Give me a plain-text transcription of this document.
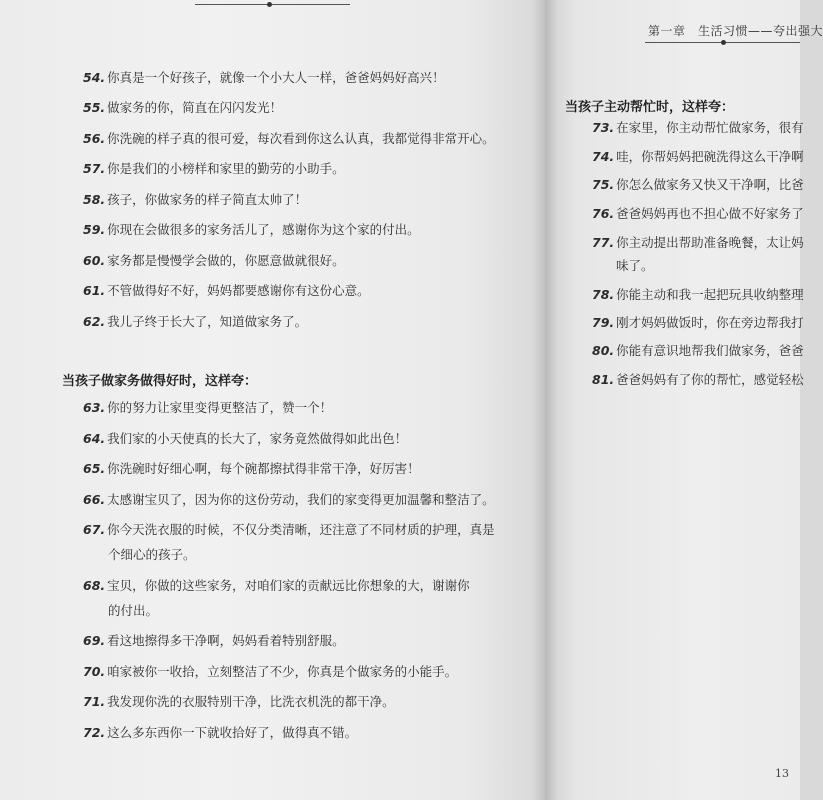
第一章　生活习惯——夸出强大
54. 你真是一个好孩子，就像一个小大人一样，爸爸妈妈好高兴！
55. 做家务的你，简直在闪闪发光！
56. 你洗碗的样子真的很可爱，每次看到你这么认真，我都觉得非常开心。
57. 你是我们的小榜样和家里的勤劳的小助手。
58. 孩子，你做家务的样子简直太帅了！
59. 你现在会做很多的家务活儿了，感谢你为这个家的付出。
60. 家务都是慢慢学会做的，你愿意做就很好。
61. 不管做得好不好，妈妈都要感谢你有这份心意。
62. 我儿子终于长大了，知道做家务了。
当孩子做家务做得好时，这样夸：
63. 你的努力让家里变得更整洁了，赞一个！
64. 我们家的小天使真的长大了，家务竟然做得如此出色！
65. 你洗碗时好细心啊，每个碗都擦拭得非常干净，好厉害！
66. 太感谢宝贝了，因为你的这份劳动，我们的家变得更加温馨和整洁了。
67. 你今天洗衣服的时候，不仅分类清晰，还注意了不同材质的护理，真是
个细心的孩子。
68. 宝贝，你做的这些家务，对咱们家的贡献远比你想象的大，谢谢你
的付出。
69. 看这地擦得多干净啊，妈妈看着特别舒服。
70. 咱家被你一收拾，立刻整洁了不少，你真是个做家务的小能手。
71. 我发现你洗的衣服特别干净，比洗衣机洗的都干净。
72. 这么多东西你一下就收拾好了，做得真不错。
当孩子主动帮忙时，这样夸：
73. 在家里，你主动帮忙做家务，很有
74. 哇，你帮妈妈把碗洗得这么干净啊
75. 你怎么做家务又快又干净啊，比爸
76. 爸爸妈妈再也不担心做不好家务了
77. 你主动提出帮助准备晚餐，太让妈
味了。
78. 你能主动和我一起把玩具收纳整理
79. 刚才妈妈做饭时，你在旁边帮我打
80. 你能有意识地帮我们做家务，爸爸
81. 爸爸妈妈有了你的帮忙，感觉轻松
13
